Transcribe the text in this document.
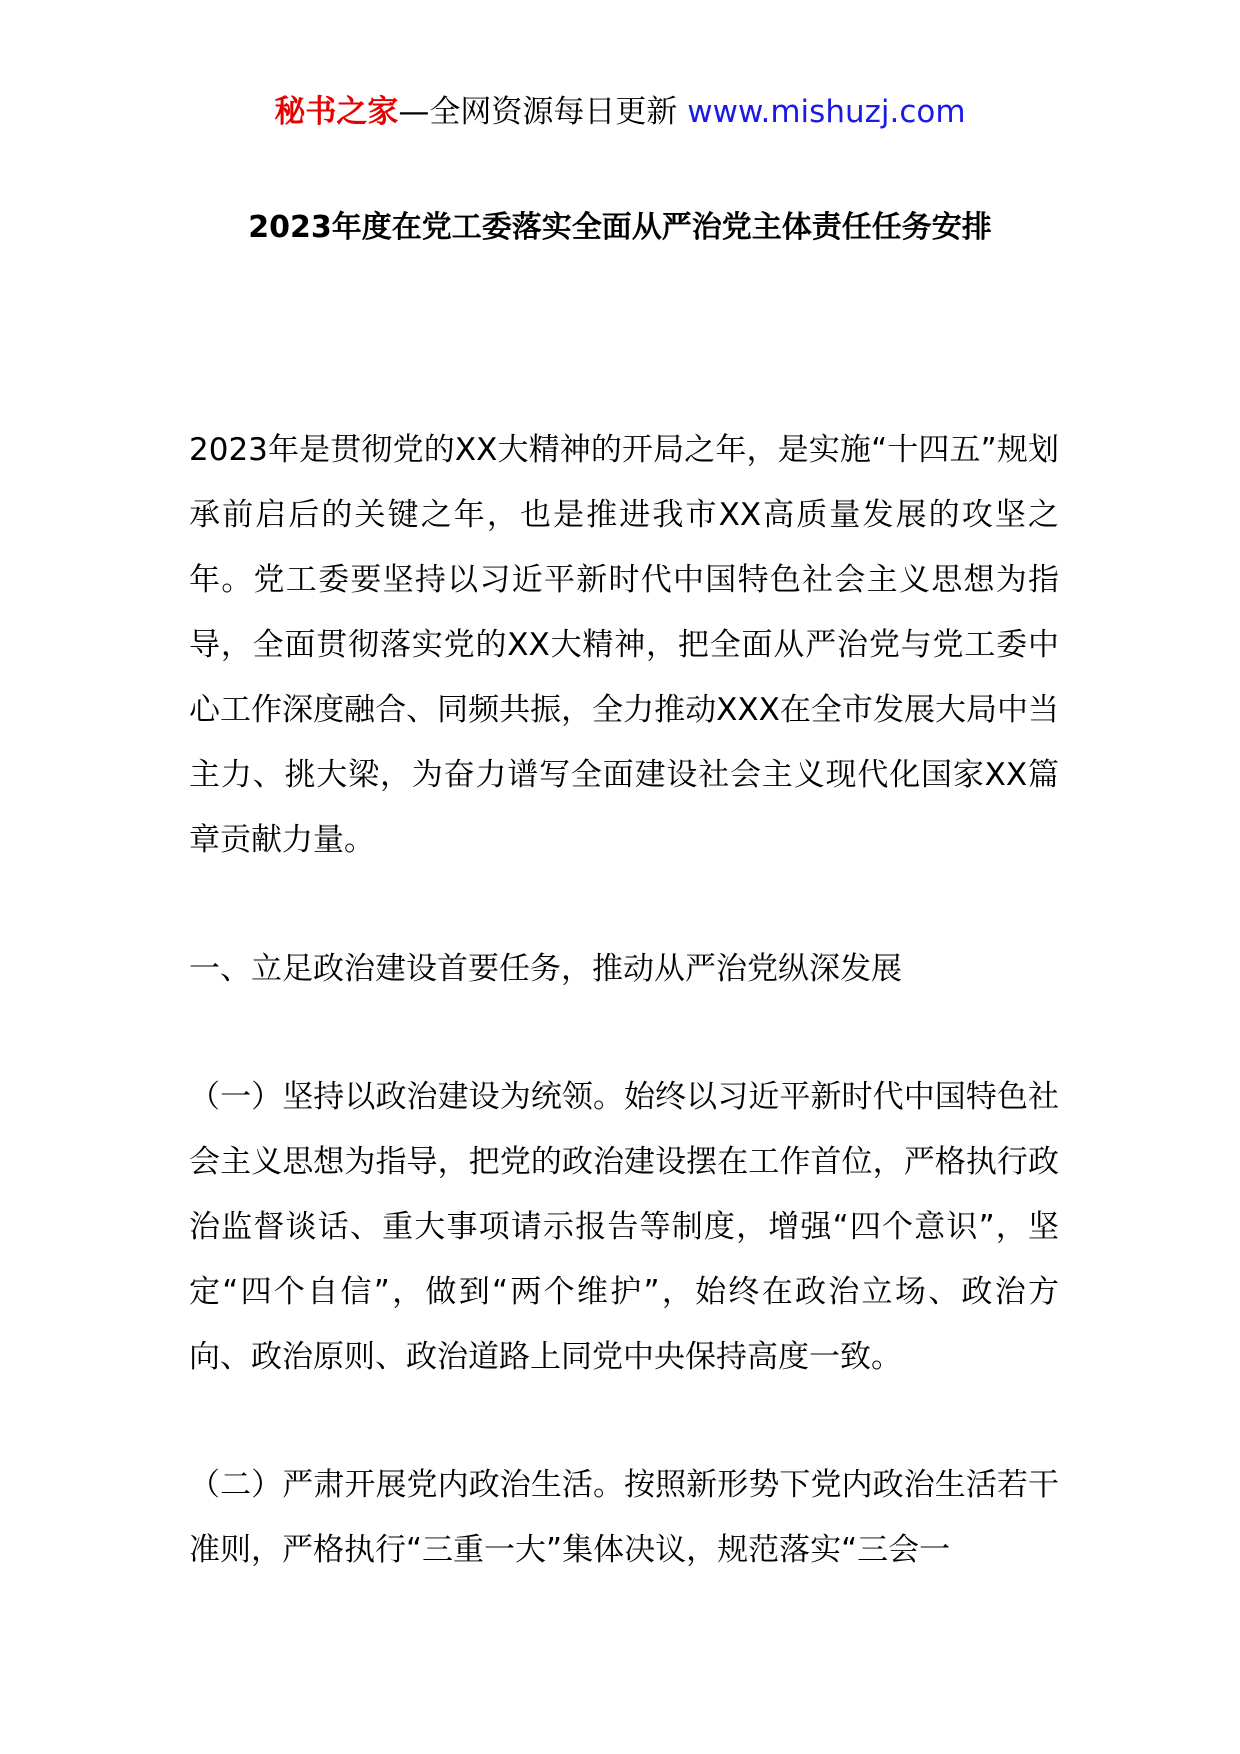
秘书之家—全网资源每日更新 www.mishuzj.com
2023年度在党工委落实全面从严治党主体责任任务安排

2023年是贯彻党的XX大精神的开局之年，是实施“十四五”规划承前启后的关键之年，也是推进我市XX高质量发展的攻坚之年。党工委要坚持以习近平新时代中国特色社会主义思想为指导，全面贯彻落实党的XX大精神，把全面从严治党与党工委中心工作深度融合、同频共振，全力推动XXX在全市发展大局中当主力、挑大梁，为奋力谱写全面建设社会主义现代化国家XX篇章贡献力量。

一、立足政治建设首要任务，推动从严治党纵深发展

（一）坚持以政治建设为统领。始终以习近平新时代中国特色社会主义思想为指导，把党的政治建设摆在工作首位，严格执行政治监督谈话、重大事项请示报告等制度，增强“四个意识”，坚定“四个自信”，做到“两个维护”，始终在政治立场、政治方向、政治原则、政治道路上同党中央保持高度一致。

（二）严肃开展党内政治生活。按照新形势下党内政治生活若干准则，严格执行“三重一大”集体决议，规范落实“三会一
